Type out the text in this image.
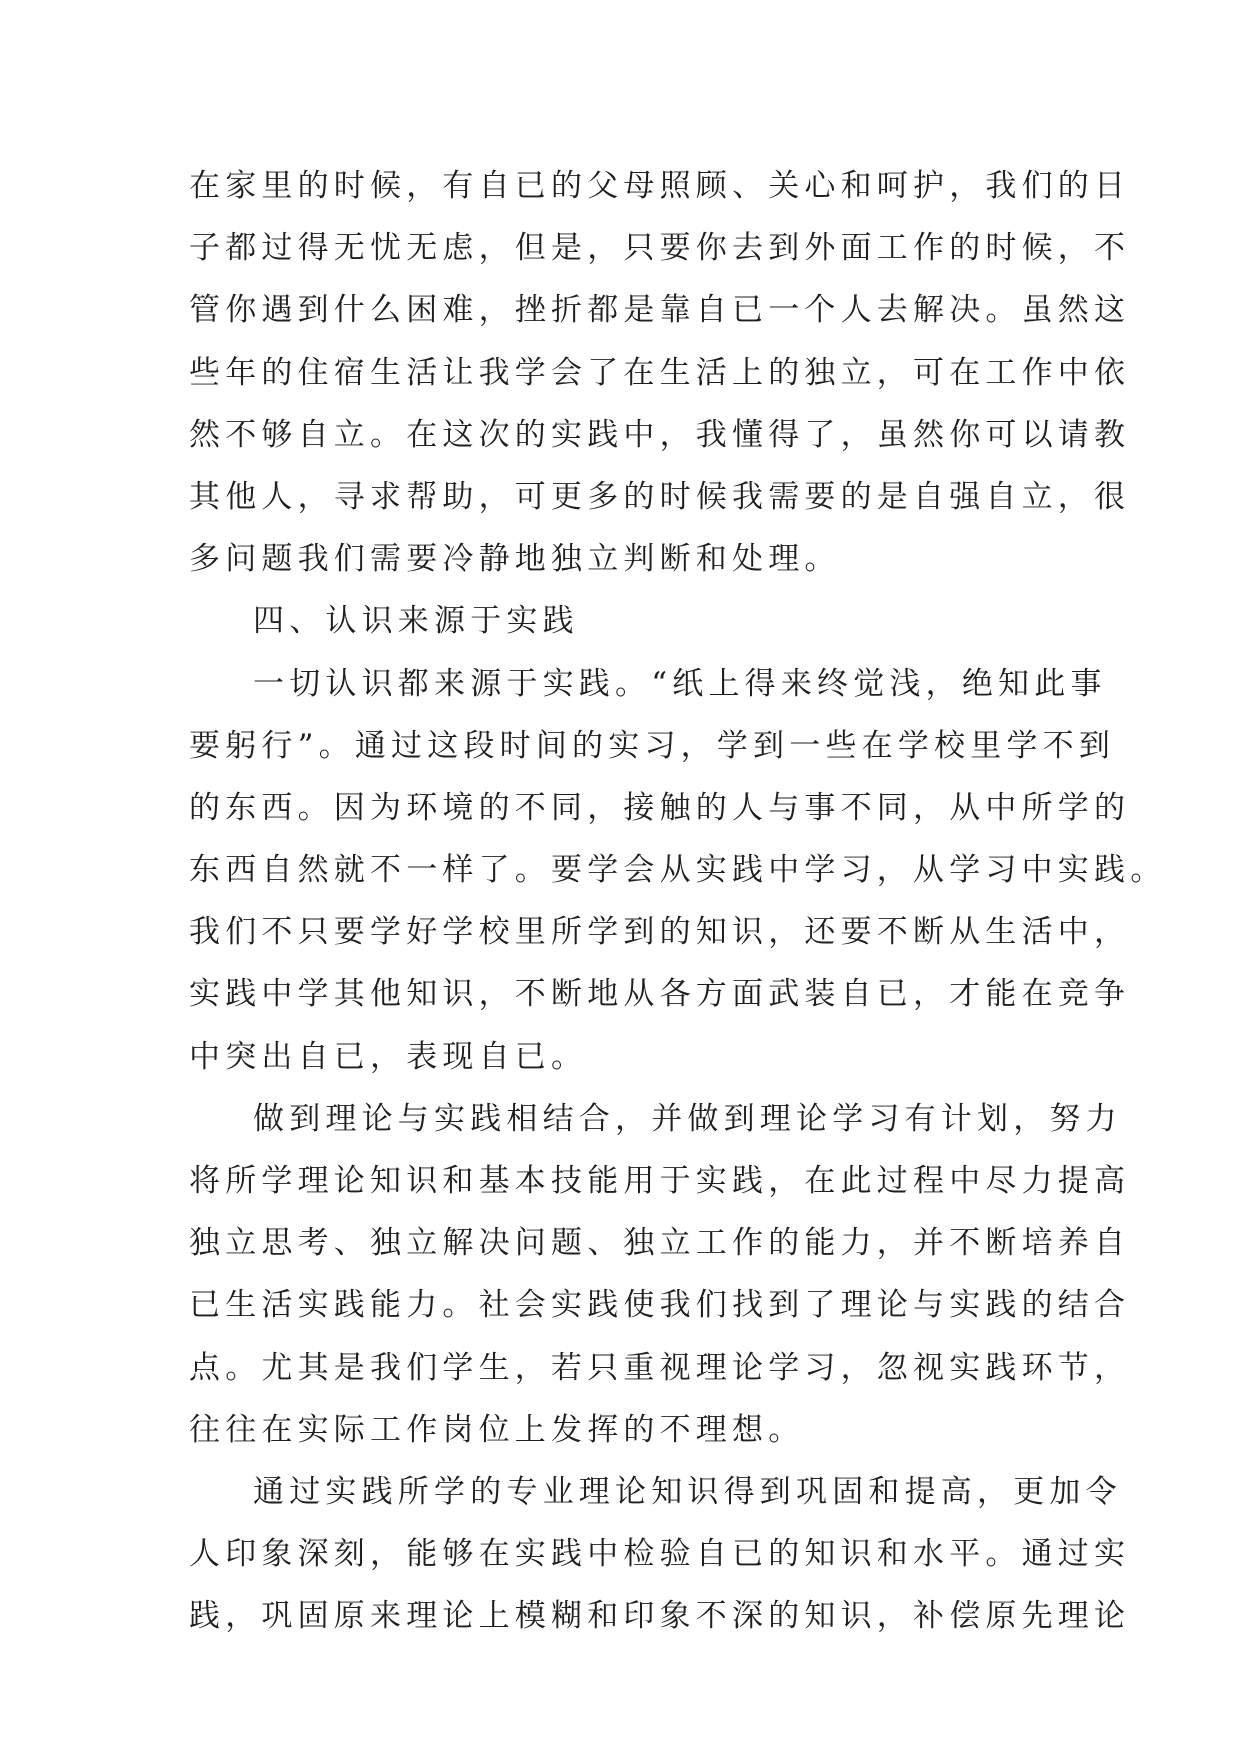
在家里的时候，有自已的父母照顾、关心和呵护，我们的日
子都过得无忧无虑，但是，只要你去到外面工作的时候，不
管你遇到什么困难，挫折都是靠自已一个人去解决。虽然这
些年的住宿生活让我学会了在生活上的独立，可在工作中依
然不够自立。在这次的实践中，我懂得了，虽然你可以请教
其他人，寻求帮助，可更多的时候我需要的是自强自立，很
多问题我们需要冷静地独立判断和处理。
四、认识来源于实践
一切认识都来源于实践。“纸上得来终觉浅，绝知此事
要躬行”。通过这段时间的实习，学到一些在学校里学不到
的东西。因为环境的不同，接触的人与事不同，从中所学的
东西自然就不一样了。要学会从实践中学习，从学习中实践。
我们不只要学好学校里所学到的知识，还要不断从生活中，
实践中学其他知识，不断地从各方面武装自已，才能在竞争
中突出自已，表现自已。
做到理论与实践相结合，并做到理论学习有计划，努力
将所学理论知识和基本技能用于实践，在此过程中尽力提高
独立思考、独立解决问题、独立工作的能力，并不断培养自
已生活实践能力。社会实践使我们找到了理论与实践的结合
点。尤其是我们学生，若只重视理论学习，忽视实践环节，
往往在实际工作岗位上发挥的不理想。
通过实践所学的专业理论知识得到巩固和提高，更加令
人印象深刻，能够在实践中检验自已的知识和水平。通过实
践，巩固原来理论上模糊和印象不深的知识，补偿原先理论
